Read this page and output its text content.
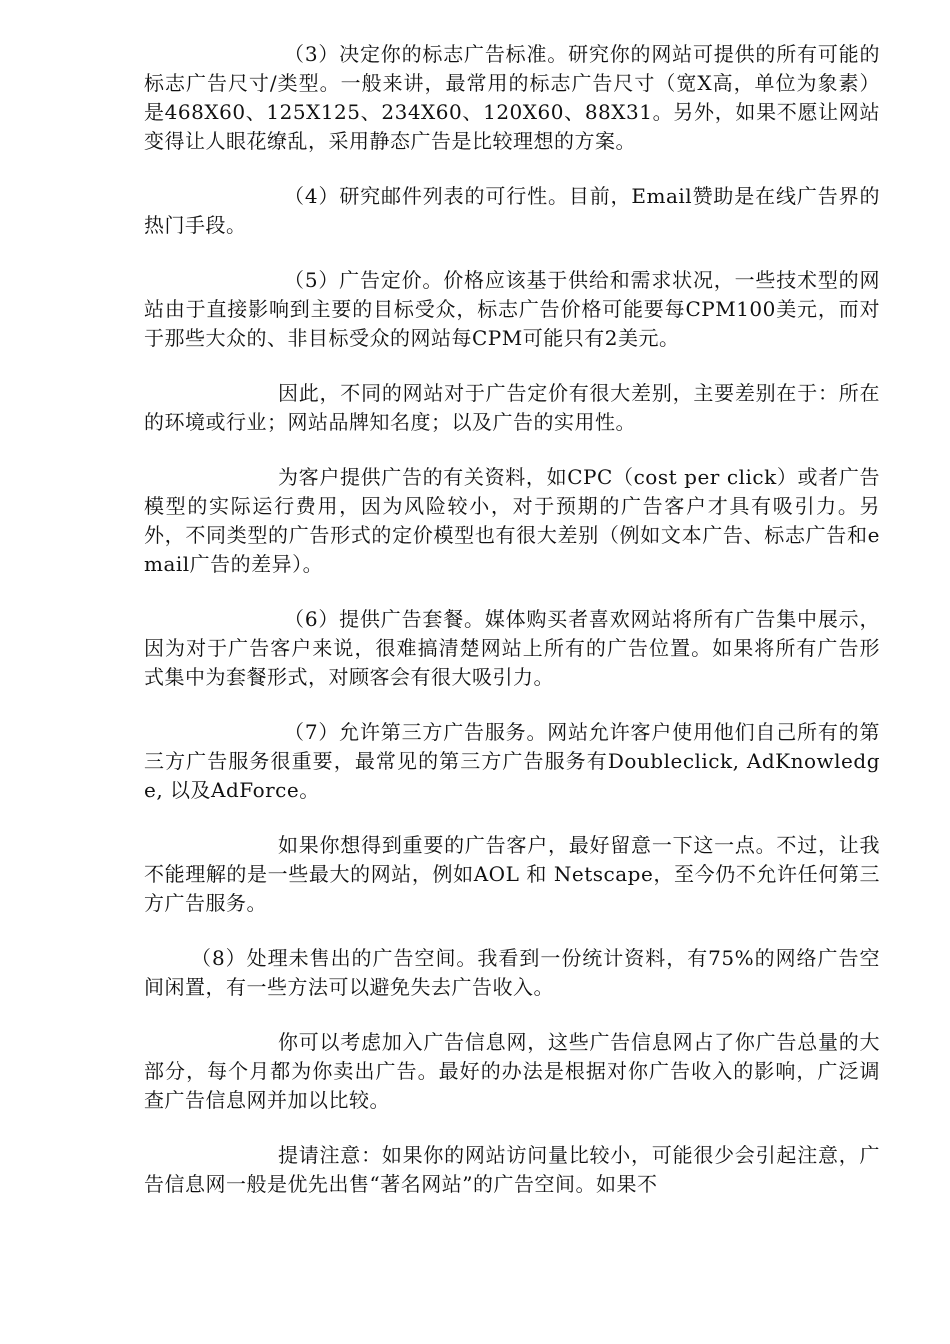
（3）决定你的标志广告标准。研究你的网站可提供的所有可能的标志广告尺寸/类型。一般来讲，最常用的标志广告尺寸（宽X高，单位为象素）是468X60、125X125、234X60、120X60、88X31。另外，如果不愿让网站变得让人眼花缭乱，采用静态广告是比较理想的方案。

（4）研究邮件列表的可行性。目前，Email赞助是在线广告界的热门手段。

（5）广告定价。价格应该基于供给和需求状况，一些技术型的网站由于直接影响到主要的目标受众，标志广告价格可能要每CPM100美元，而对于那些大众的、非目标受众的网站每CPM可能只有2美元。

因此，不同的网站对于广告定价有很大差别，主要差别在于：所在的环境或行业；网站品牌知名度；以及广告的实用性。

为客户提供广告的有关资料，如CPC（cost per click）或者广告模型的实际运行费用，因为风险较小，对于预期的广告客户才具有吸引力。另外，不同类型的广告形式的定价模型也有很大差别（例如文本广告、标志广告和email广告的差异）。

（6）提供广告套餐。媒体购买者喜欢网站将所有广告集中展示，因为对于广告客户来说，很难搞清楚网站上所有的广告位置。如果将所有广告形式集中为套餐形式，对顾客会有很大吸引力。

（7）允许第三方广告服务。网站允许客户使用他们自己所有的第三方广告服务很重要，最常见的第三方广告服务有Doubleclick, AdKnowledge, 以及AdForce。

如果你想得到重要的广告客户，最好留意一下这一点。不过，让我不能理解的是一些最大的网站，例如AOL 和 Netscape，至今仍不允许任何第三方广告服务。

（8）处理未售出的广告空间。我看到一份统计资料，有75%的网络广告空间闲置，有一些方法可以避免失去广告收入。

你可以考虑加入广告信息网，这些广告信息网占了你广告总量的大部分，每个月都为你卖出广告。最好的办法是根据对你广告收入的影响，广泛调查广告信息网并加以比较。

提请注意：如果你的网站访问量比较小，可能很少会引起注意，广告信息网一般是优先出售“著名网站”的广告空间。如果不
